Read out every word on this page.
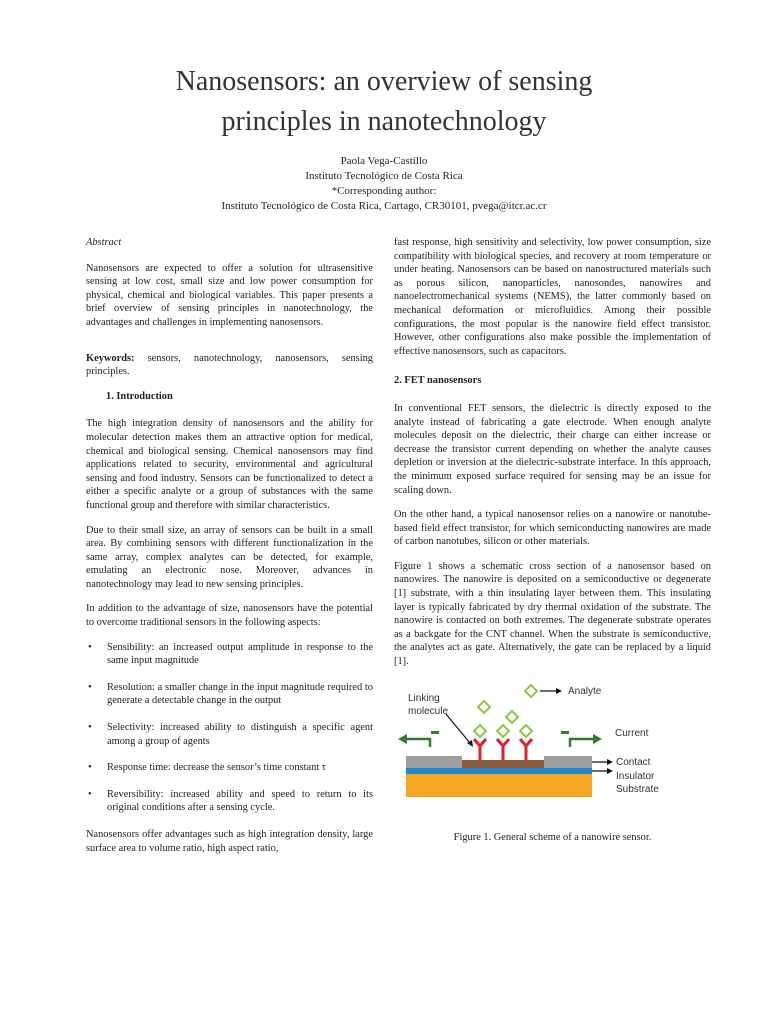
Nanosensors: an overview of sensing
principles in nanotechnology
Paola Vega-Castillo
Instituto Tecnológico de Costa Rica
*Corresponding author:
Instituto Tecnológico de Costa Rica, Cartago, CR30101, pvega@itcr.ac.cr

Abstract

Nanosensors are expected to offer a solution for ultrasensitive sensing at low cost, small size and low power consumption for physical, chemical and biological variables. This paper presents a brief overview of sensing principles in nanotechnology, the advantages and challenges in implementing nanosensors.

Keywords: sensors, nanotechnology, nanosensors, sensing principles.

1. Introduction

The high integration density of nanosensors and the ability for molecular detection makes them an attractive option for medical, chemical and biological sensing. Chemical nanosensors may find applications related to security, environmental and agricultural sensing and food industry. Sensors can be functionalized to detect a either a specific analyte or a group of substances with the same functional group and therefore with similar characteristics.

Due to their small size, an array of sensors can be built in a small area. By combining sensors with different functionalization in the same array, complex analytes can be detected, for example, emulating an electronic nose. Moreover, advances in nanotechnology may lead to new sensing principles.

In addition to the advantage of size, nanosensors have the potential to overcome traditional sensors in the following aspects:

• Sensibility: an increased output amplitude in response to the same input magnitude
• Resolution: a smaller change in the input magnitude required to generate a detectable change in the output
• Selectivity: increased ability to distinguish a specific agent among a group of agents
• Response time: decrease the sensor’s time constant τ
• Reversibility: increased ability and speed to return to its original conditions after a sensing cycle.

Nanosensors offer advantages such as high integration density, large surface area to volume ratio, high aspect ratio,

fast response, high sensitivity and selectivity, low power consumption, size compatibility with biological species, and recovery at room temperature or under heating. Nanosensors can be based on nanostructured materials such as porous silicon, nanoparticles, nanosondes, nanowires and nanoelectromechanical systems (NEMS), the latter commonly based on mechanical deformation or microfluidics. Among their possible configurations, the most popular is the nanowire field effect transistor. However, other configurations also make possible the implementation of effective nanosensors, such as capacitors.

2. FET nanosensors

In conventional FET sensors, the dielectric is directly exposed to the analyte instead of fabricating a gate electrode. When enough analyte molecules deposit on the dielectric, their charge can either increase or decrease the transistor current depending on whether the analyte causes depletion or inversion at the dielectric-substrate interface. In this approach, the minimum exposed surface required for sensing may be an issue for scaling down.

On the other hand, a typical nanosensor relies on a nanowire or nanotube-based field effect transistor, for which semiconducting nanowires are made of carbon nanotubes, silicon or other materials.

Figure 1 shows a schematic cross section of a nanosensor based on nanowires. The nanowire is deposited on a semiconductive or degenerate [1] substrate, with a thin insulating layer between them. This insulating layer is typically fabricated by dry thermal oxidation of the substrate. The nanowire is contacted on both extremes. The degenerate substrate operates as a backgate for the CNT channel. When the substrate is semiconductive, the analytes act as gate. Alternatively, the gate can be replaced by a liquid [1].

Analyte
Linking
molecule
Current
Contact
Insulator
Substrate
Figure 1. General scheme of a nanowire sensor.
